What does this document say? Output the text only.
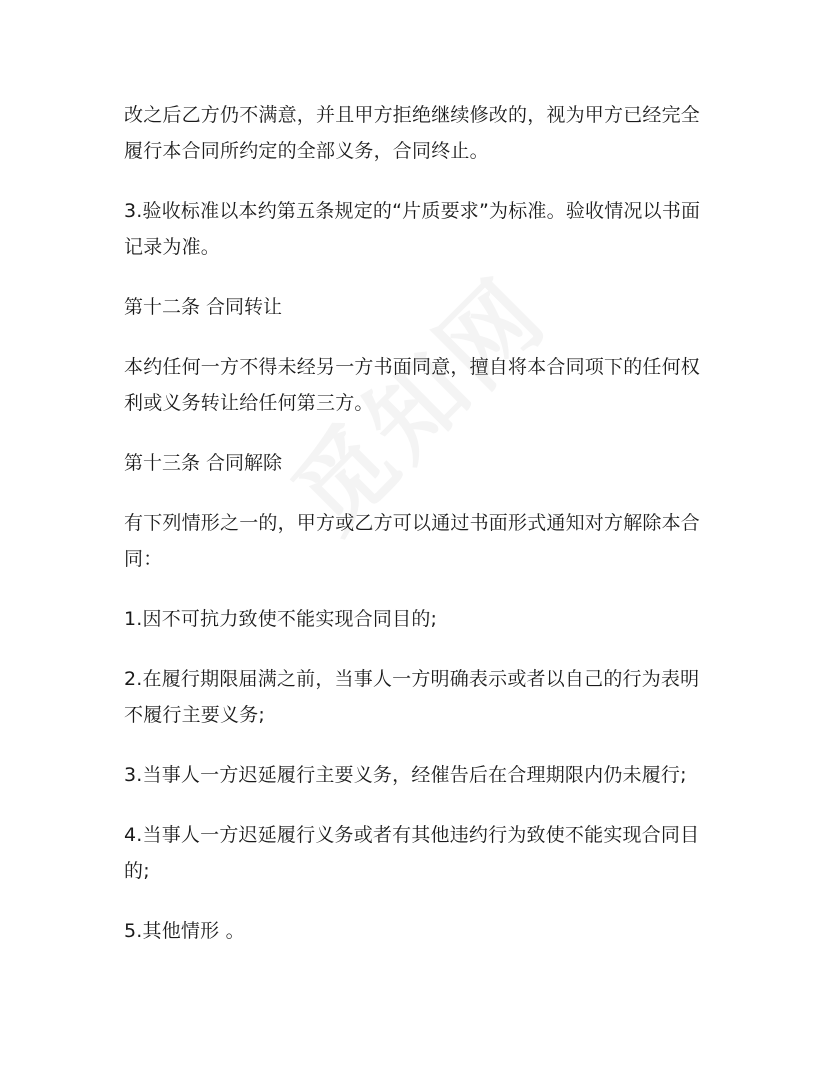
改之后乙方仍不满意，并且甲方拒绝继续修改的，视为甲方已经完全履行本合同所约定的全部义务，合同终止。

3.验收标准以本约第五条规定的“片质要求”为标准。验收情况以书面记录为准。

第十二条 合同转让

本约任何一方不得未经另一方书面同意，擅自将本合同项下的任何权利或义务转让给任何第三方。

第十三条 合同解除

有下列情形之一的，甲方或乙方可以通过书面形式通知对方解除本合同：

1.因不可抗力致使不能实现合同目的;

2.在履行期限届满之前，当事人一方明确表示或者以自己的行为表明不履行主要义务;

3.当事人一方迟延履行主要义务，经催告后在合理期限内仍未履行;

4.当事人一方迟延履行义务或者有其他违约行为致使不能实现合同目的;

5.其他情形 。
